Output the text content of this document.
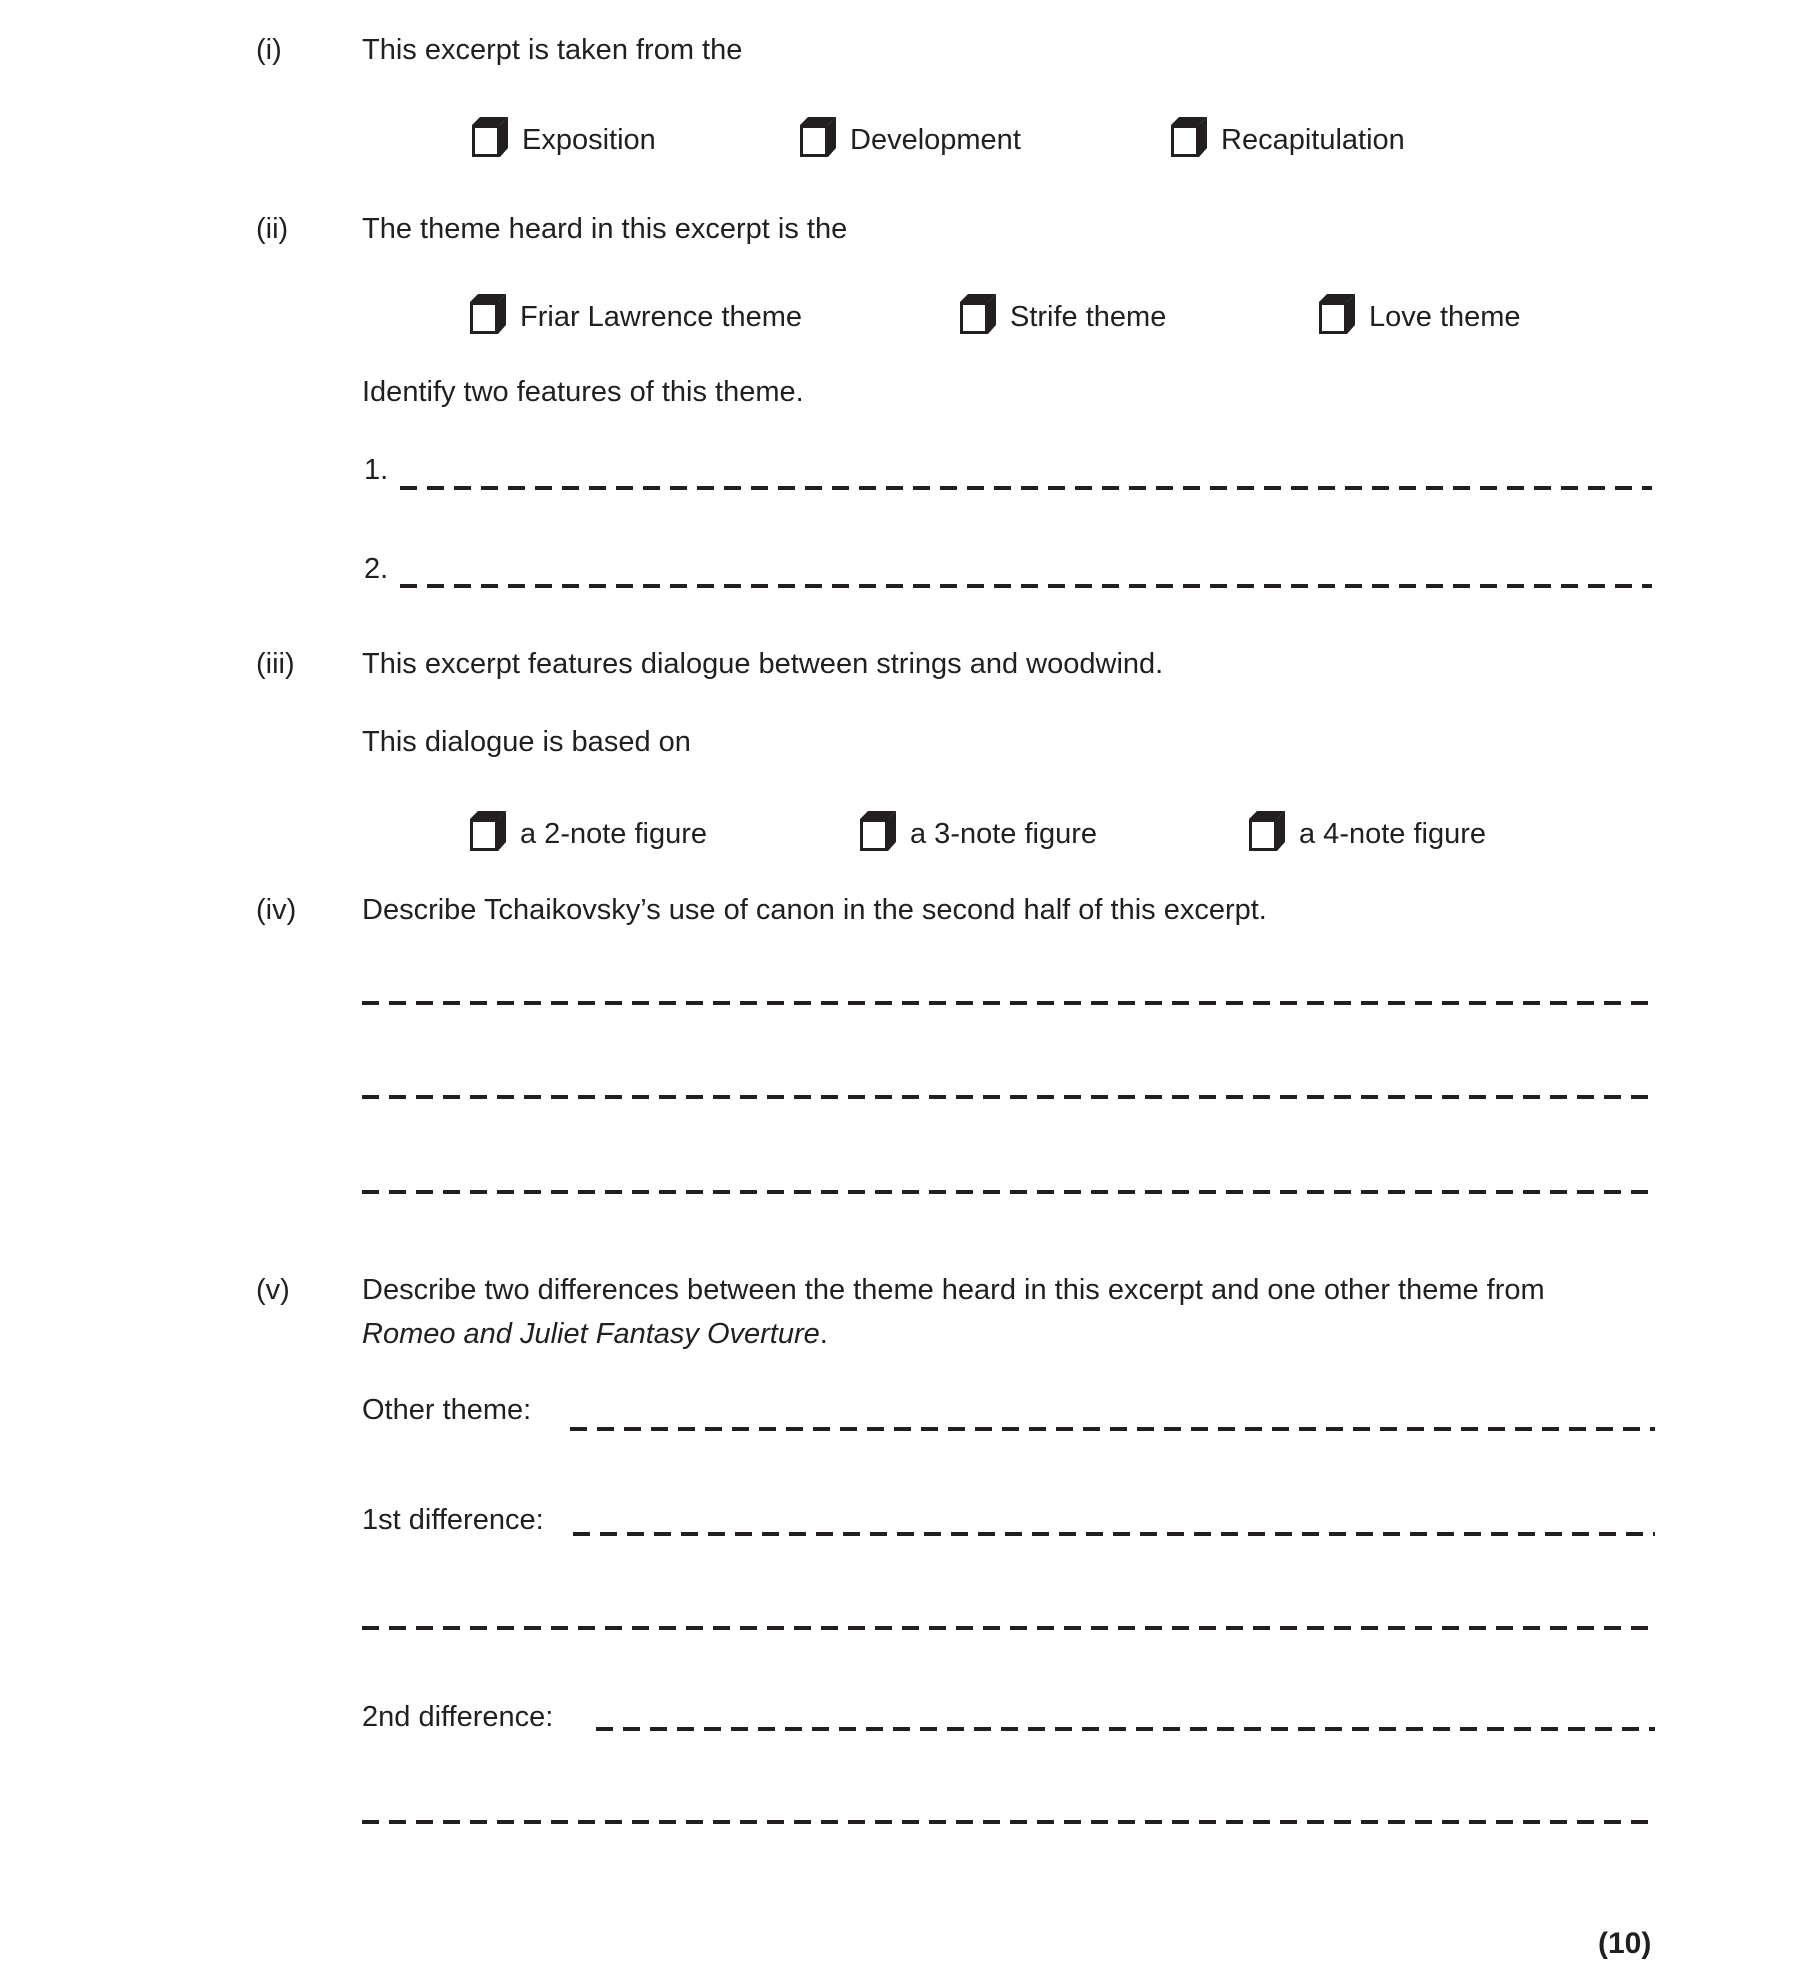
(i)	This excerpt is taken from the
Exposition	Development	Recapitulation
(ii)	The theme heard in this excerpt is the
Friar Lawrence theme	Strife theme	Love theme
Identify two features of this theme.
1.
2.
(iii) This excerpt features dialogue between strings and woodwind.
This dialogue is based on
a 2-note figure	a 3-note figure	a 4-note figure
(iv) Describe Tchaikovsky’s use of canon in the second half of this excerpt.
(v) Describe two differences between the theme heard in this excerpt and one other theme from
Romeo and Juliet Fantasy Overture.
Other theme:
1st difference:
2nd difference:
(10)
